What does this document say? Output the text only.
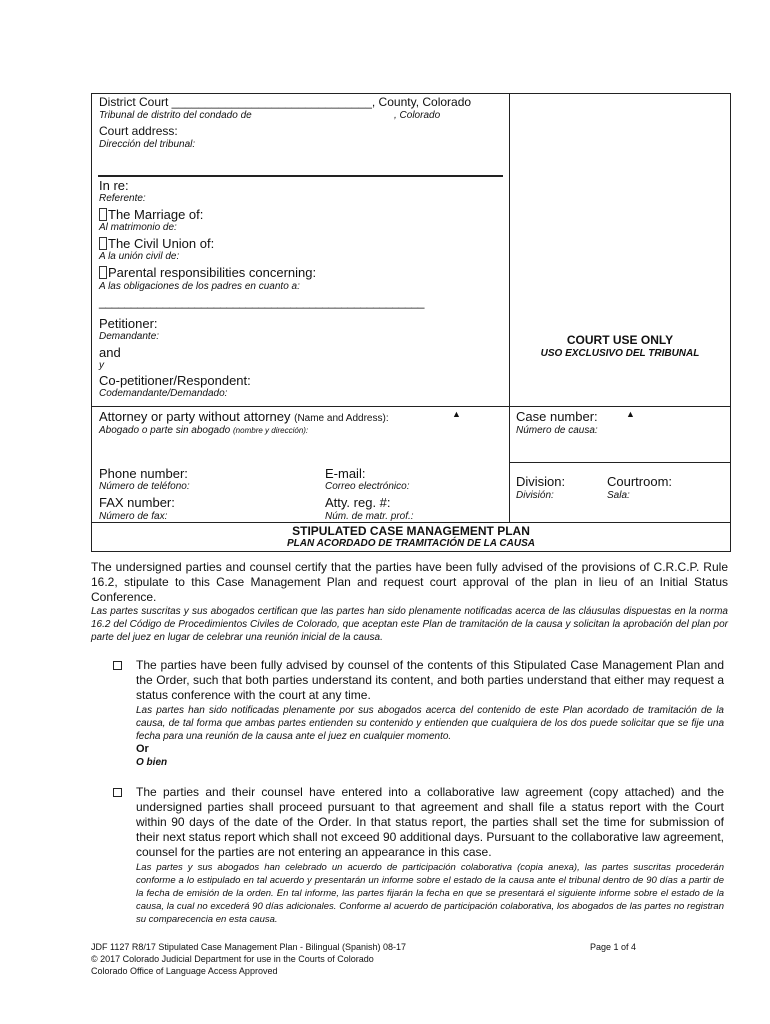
District Court ______________________________, County, Colorado
Tribunal de distrito del condado de	, Colorado
Court address:
Dirección del tribunal:
In re:
Referente:
The Marriage of:
Al matrimonio de:
The Civil Union of:
A la unión civil de:
Parental responsibilities concerning:
A las obligaciones de los padres en cuanto a:
___________________________________________________
Petitioner:
Demandante:
and
y
Co-petitioner/Respondent:
Codemandante/Demandado:
COURT USE ONLY
USO EXCLUSIVO DEL TRIBUNAL
Attorney or party without attorney (Name and Address):	▲
Abogado o parte sin abogado (nombre y dirección):
Phone number:
Número de teléfono:
FAX number:
Número de fax:
E-mail:
Correo electrónico:
Atty. reg. #:
Núm. de matr. prof.:
Case number:	▲
Número de causa:
Division:
División:
Courtroom:
Sala:
STIPULATED CASE MANAGEMENT PLAN
PLAN ACORDADO DE TRAMITACIÓN DE LA CAUSA
The undersigned parties and counsel certify that the parties have been fully advised of the provisions of C.R.C.P. Rule 16.2, stipulate to this Case Management Plan and request court approval of the plan in lieu of an Initial Status Conference.
Las partes suscritas y sus abogados certifican que las partes han sido plenamente notificadas acerca de las cláusulas dispuestas en la norma 16.2 del Código de Procedimientos Civiles de Colorado, que aceptan este Plan de tramitación de la causa y solicitan la aprobación del plan por parte del juez en lugar de celebrar una reunión inicial de la causa.
The parties have been fully advised by counsel of the contents of this Stipulated Case Management Plan and the Order, such that both parties understand its content, and both parties understand that either may request a status conference with the court at any time.
Las partes han sido notificadas plenamente por sus abogados acerca del contenido de este Plan acordado de tramitación de la causa, de tal forma que ambas partes entienden su contenido y entienden que cualquiera de los dos puede solicitar que se fije una fecha para una reunión de la causa ante el juez en cualquier momento.
Or
O bien
The parties and their counsel have entered into a collaborative law agreement (copy attached) and the undersigned parties shall proceed pursuant to that agreement and shall file a status report with the Court within 90 days of the date of the Order. In that status report, the parties shall set the time for submission of their next status report which shall not exceed 90 additional days. Pursuant to the collaborative law agreement, counsel for the parties are not entering an appearance in this case.
Las partes y sus abogados han celebrado un acuerdo de participación colaborativa (copia anexa), las partes suscritas procederán conforme a lo estipulado en tal acuerdo y presentarán un informe sobre el estado de la causa ante el tribunal dentro de 90 días a partir de la fecha de emisión de la orden. En tal informe, las partes fijarán la fecha en que se presentará el siguiente informe sobre el estado de la causa, la cual no excederá 90 días adicionales. Conforme al acuerdo de participación colaborativa, los abogados de las partes no registran su comparecencia en esta causa.
JDF 1127 R8/17 Stipulated Case Management Plan - Bilingual (Spanish) 08-17	Page 1 of 4
© 2017 Colorado Judicial Department for use in the Courts of Colorado
Colorado Office of Language Access Approved
